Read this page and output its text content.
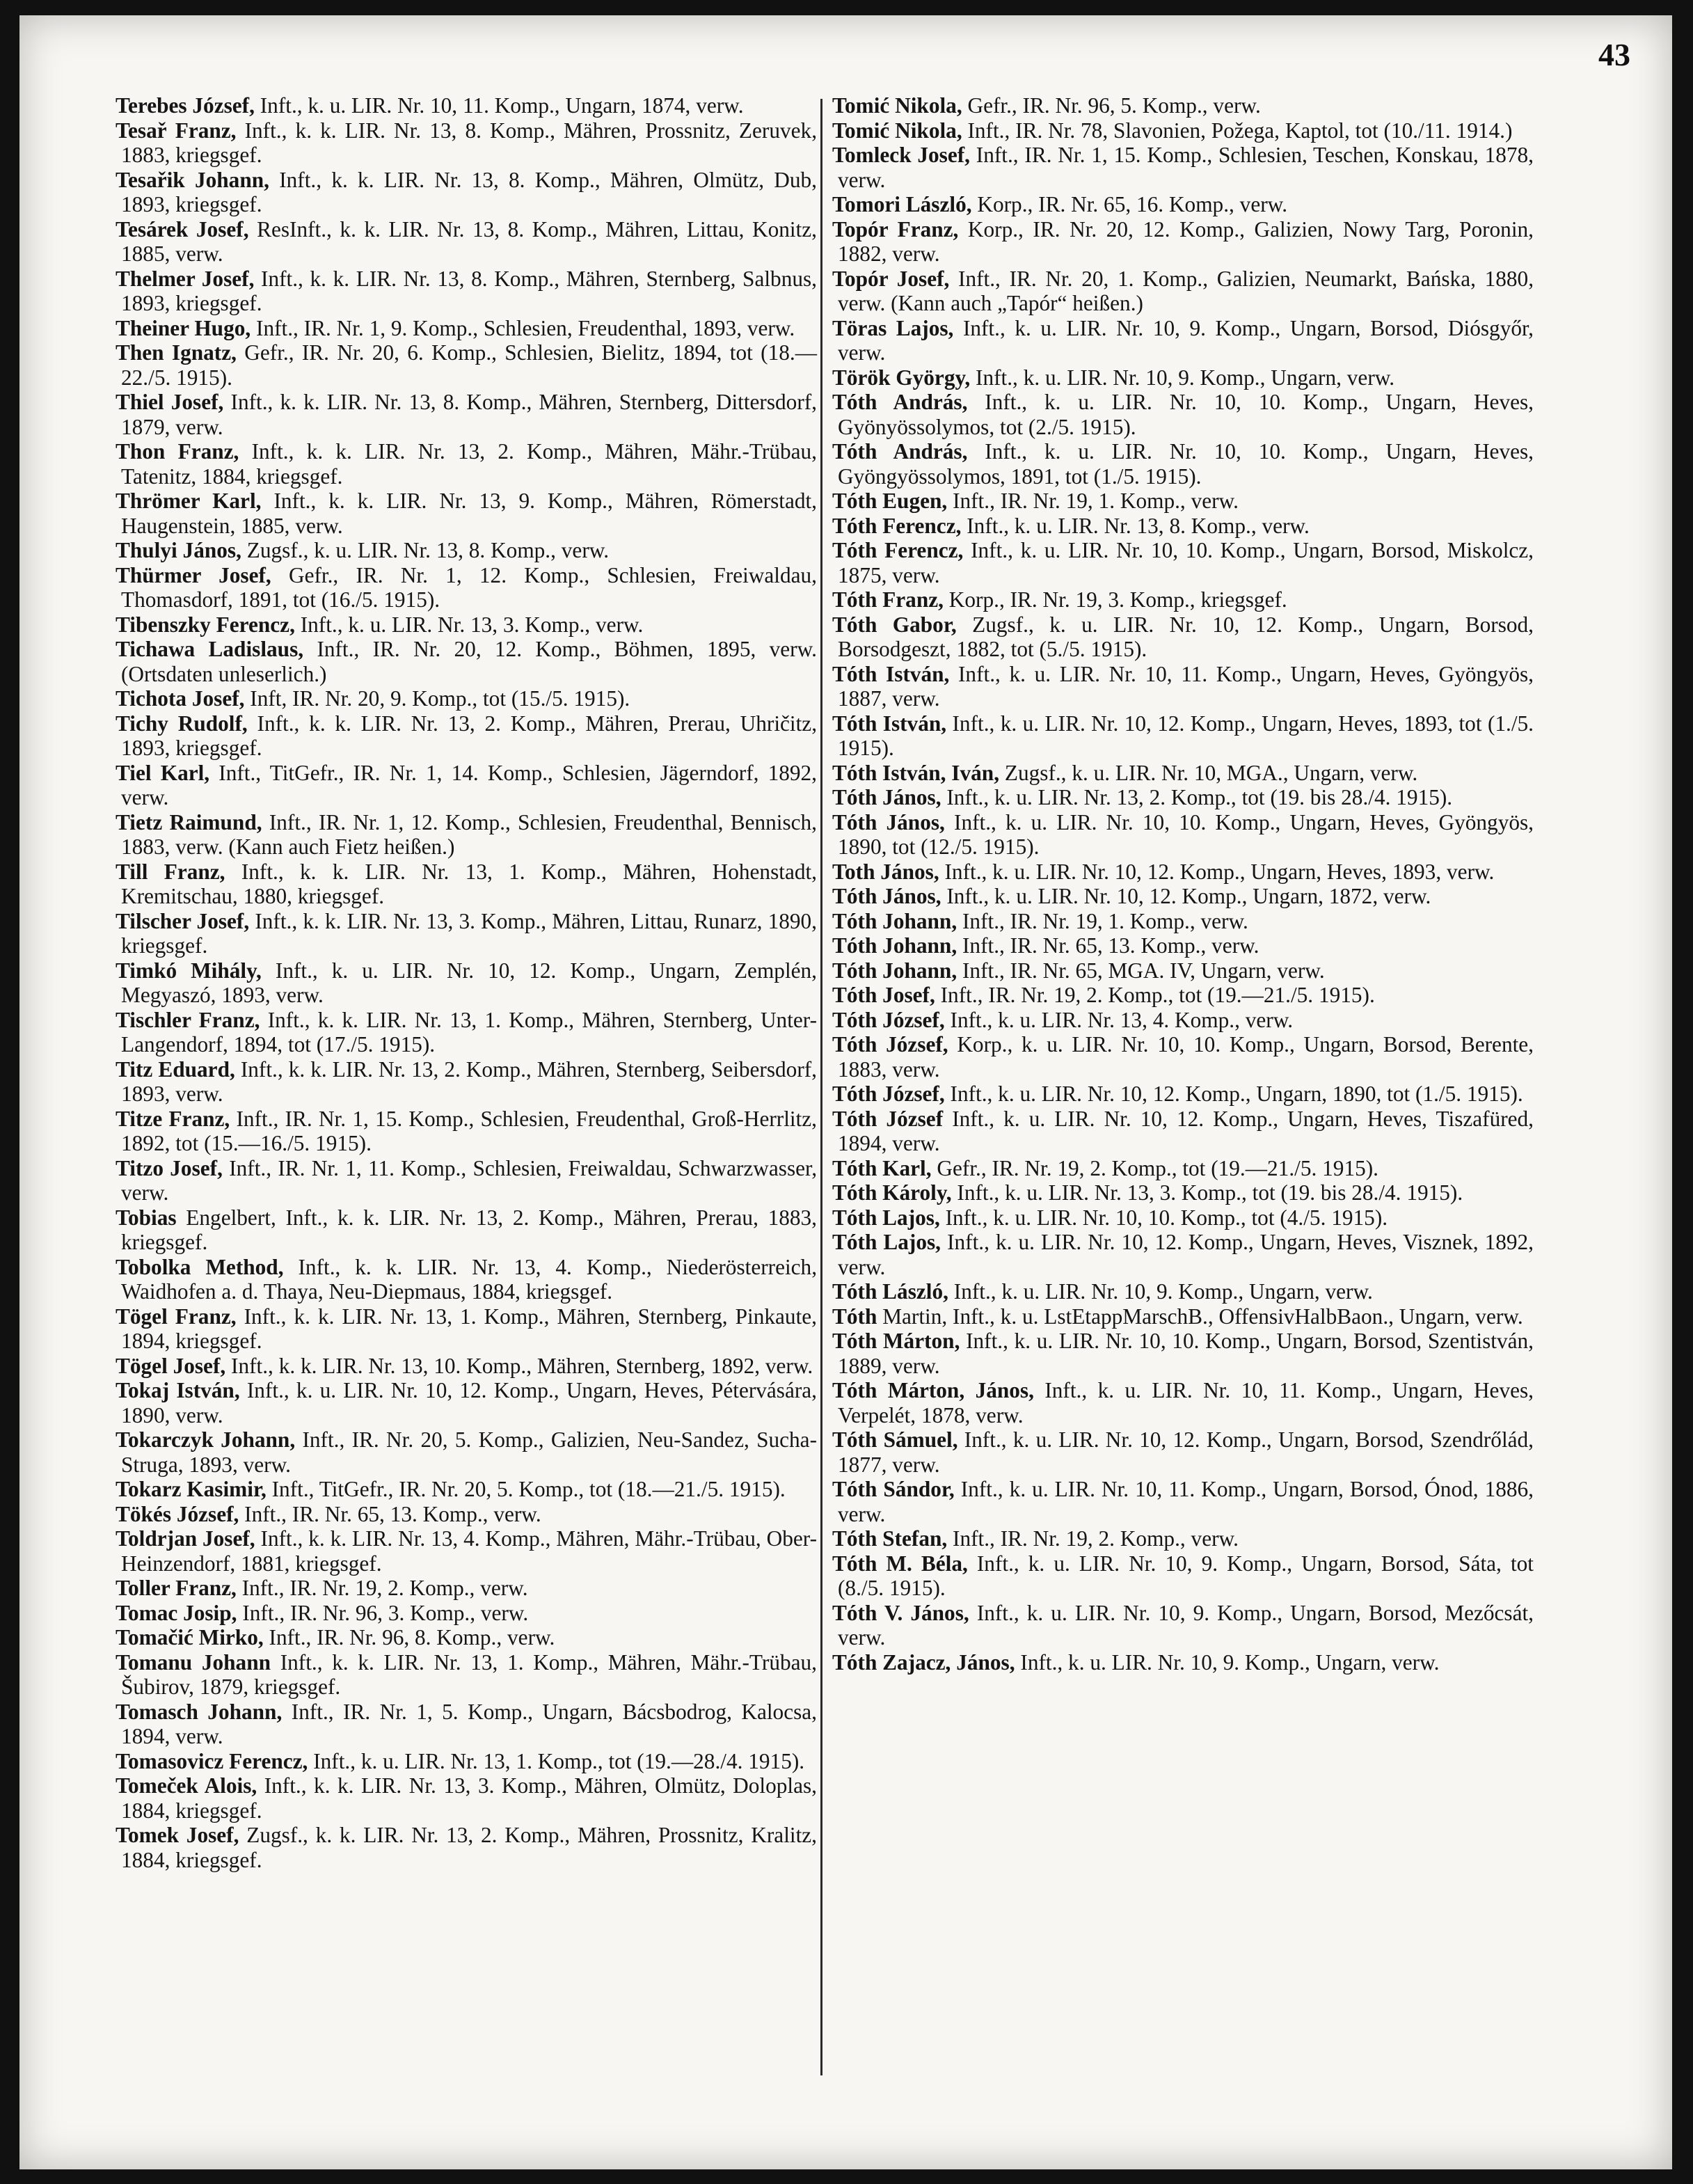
43
Terebes József, Inft., k. u. LIR. Nr. 10, 11. Komp., Ungarn, 1874, verw.
Tesař Franz, Inft., k. k. LIR. Nr. 13, 8. Komp., Mähren, Prossnitz, Zeruvek, 1883, kriegsgef.
Tesařik Johann, Inft., k. k. LIR. Nr. 13, 8. Komp., Mähren, Olmütz, Dub, 1893, kriegsgef.
Tesárek Josef, ResInft., k. k. LIR. Nr. 13, 8. Komp., Mähren, Littau, Konitz, 1885, verw.
Thelmer Josef, Inft., k. k. LIR. Nr. 13, 8. Komp., Mähren, Sternberg, Salbnus, 1893, kriegsgef.
Theiner Hugo, Inft., IR. Nr. 1, 9. Komp., Schlesien, Freudenthal, 1893, verw.
Then Ignatz, Gefr., IR. Nr. 20, 6. Komp., Schlesien, Bielitz, 1894, tot (18.—22./5. 1915).
Thiel Josef, Inft., k. k. LIR. Nr. 13, 8. Komp., Mähren, Sternberg, Dittersdorf, 1879, verw.
Thon Franz, Inft., k. k. LIR. Nr. 13, 2. Komp., Mähren, Mähr.-Trübau, Tatenitz, 1884, kriegsgef.
Thrömer Karl, Inft., k. k. LIR. Nr. 13, 9. Komp., Mähren, Römerstadt, Haugenstein, 1885, verw.
Thulyi János, Zugsf., k. u. LIR. Nr. 13, 8. Komp., verw.
Thürmer Josef, Gefr., IR. Nr. 1, 12. Komp., Schlesien, Freiwaldau, Thomasdorf, 1891, tot (16./5. 1915).
Tibenszky Ferencz, Inft., k. u. LIR. Nr. 13, 3. Komp., verw.
Tichawa Ladislaus, Inft., IR. Nr. 20, 12. Komp., Böhmen, 1895, verw. (Ortsdaten unleserlich.)
Tichota Josef, Inft, IR. Nr. 20, 9. Komp., tot (15./5. 1915).
Tichy Rudolf, Inft., k. k. LIR. Nr. 13, 2. Komp., Mähren, Prerau, Uhričitz, 1893, kriegsgef.
Tiel Karl, Inft., TitGefr., IR. Nr. 1, 14. Komp., Schlesien, Jägerndorf, 1892, verw.
Tietz Raimund, Inft., IR. Nr. 1, 12. Komp., Schlesien, Freudenthal, Bennisch, 1883, verw. (Kann auch Fietz heißen.)
Till Franz, Inft., k. k. LIR. Nr. 13, 1. Komp., Mähren, Hohenstadt, Kremitschau, 1880, kriegsgef.
Tilscher Josef, Inft., k. k. LIR. Nr. 13, 3. Komp., Mähren, Littau, Runarz, 1890, kriegsgef.
Timkó Mihály, Inft., k. u. LIR. Nr. 10, 12. Komp., Ungarn, Zemplén, Megyaszó, 1893, verw.
Tischler Franz, Inft., k. k. LIR. Nr. 13, 1. Komp., Mähren, Sternberg, Unter-Langendorf, 1894, tot (17./5. 1915).
Titz Eduard, Inft., k. k. LIR. Nr. 13, 2. Komp., Mähren, Sternberg, Seibersdorf, 1893, verw.
Titze Franz, Inft., IR. Nr. 1, 15. Komp., Schlesien, Freudenthal, Groß-Herrlitz, 1892, tot (15.—16./5. 1915).
Titzo Josef, Inft., IR. Nr. 1, 11. Komp., Schlesien, Freiwaldau, Schwarzwasser, verw.
Tobias Engelbert, Inft., k. k. LIR. Nr. 13, 2. Komp., Mähren, Prerau, 1883, kriegsgef.
Tobolka Method, Inft., k. k. LIR. Nr. 13, 4. Komp., Niederösterreich, Waidhofen a. d. Thaya, Neu-Diepmaus, 1884, kriegsgef.
Tögel Franz, Inft., k. k. LIR. Nr. 13, 1. Komp., Mähren, Sternberg, Pinkaute, 1894, kriegsgef.
Tögel Josef, Inft., k. k. LIR. Nr. 13, 10. Komp., Mähren, Sternberg, 1892, verw.
Tokaj István, Inft., k. u. LIR. Nr. 10, 12. Komp., Ungarn, Heves, Pétervására, 1890, verw.
Tokarczyk Johann, Inft., IR. Nr. 20, 5. Komp., Galizien, Neu-Sandez, Sucha-Struga, 1893, verw.
Tokarz Kasimir, Inft., TitGefr., IR. Nr. 20, 5. Komp., tot (18.—21./5. 1915).
Tökés József, Inft., IR. Nr. 65, 13. Komp., verw.
Toldrjan Josef, Inft., k. k. LIR. Nr. 13, 4. Komp., Mähren, Mähr.-Trübau, Ober-Heinzendorf, 1881, kriegsgef.
Toller Franz, Inft., IR. Nr. 19, 2. Komp., verw.
Tomac Josip, Inft., IR. Nr. 96, 3. Komp., verw.
Tomačić Mirko, Inft., IR. Nr. 96, 8. Komp., verw.
Tomanu Johann Inft., k. k. LIR. Nr. 13, 1. Komp., Mähren, Mähr.-Trübau, Šubirov, 1879, kriegsgef.
Tomasch Johann, Inft., IR. Nr. 1, 5. Komp., Ungarn, Bácsbodrog, Kalocsa, 1894, verw.
Tomasovicz Ferencz, Inft., k. u. LIR. Nr. 13, 1. Komp., tot (19.—28./4. 1915).
Tomeček Alois, Inft., k. k. LIR. Nr. 13, 3. Komp., Mähren, Olmütz, Doloplas, 1884, kriegsgef.
Tomek Josef, Zugsf., k. k. LIR. Nr. 13, 2. Komp., Mähren, Prossnitz, Kralitz, 1884, kriegsgef.
Tomić Nikola, Gefr., IR. Nr. 96, 5. Komp., verw.
Tomić Nikola, Inft., IR. Nr. 78, Slavonien, Požega, Kaptol, tot (10./11. 1914.)
Tomleck Josef, Inft., IR. Nr. 1, 15. Komp., Schlesien, Teschen, Konskau, 1878, verw.
Tomori László, Korp., IR. Nr. 65, 16. Komp., verw.
Topór Franz, Korp., IR. Nr. 20, 12. Komp., Galizien, Nowy Targ, Poronin, 1882, verw.
Topór Josef, Inft., IR. Nr. 20, 1. Komp., Galizien, Neumarkt, Bańska, 1880, verw. (Kann auch „Tapór“ heißen.)
Töras Lajos, Inft., k. u. LIR. Nr. 10, 9. Komp., Ungarn, Borsod, Diósgyőr, verw.
Török György, Inft., k. u. LIR. Nr. 10, 9. Komp., Ungarn, verw.
Tóth András, Inft., k. u. LIR. Nr. 10, 10. Komp., Ungarn, Heves, Gyönyössolymos, tot (2./5. 1915).
Tóth András, Inft., k. u. LIR. Nr. 10, 10. Komp., Ungarn, Heves, Gyöngyössolymos, 1891, tot (1./5. 1915).
Tóth Eugen, Inft., IR. Nr. 19, 1. Komp., verw.
Tóth Ferencz, Inft., k. u. LIR. Nr. 13, 8. Komp., verw.
Tóth Ferencz, Inft., k. u. LIR. Nr. 10, 10. Komp., Ungarn, Borsod, Miskolcz, 1875, verw.
Tóth Franz, Korp., IR. Nr. 19, 3. Komp., kriegsgef.
Tóth Gabor, Zugsf., k. u. LIR. Nr. 10, 12. Komp., Ungarn, Borsod, Borsodgeszt, 1882, tot (5./5. 1915).
Tóth István, Inft., k. u. LIR. Nr. 10, 11. Komp., Ungarn, Heves, Gyöngyös, 1887, verw.
Tóth István, Inft., k. u. LIR. Nr. 10, 12. Komp., Ungarn, Heves, 1893, tot (1./5. 1915).
Tóth István, Iván, Zugsf., k. u. LIR. Nr. 10, MGA., Ungarn, verw.
Tóth János, Inft., k. u. LIR. Nr. 13, 2. Komp., tot (19. bis 28./4. 1915).
Tóth János, Inft., k. u. LIR. Nr. 10, 10. Komp., Ungarn, Heves, Gyöngyös, 1890, tot (12./5. 1915).
Toth János, Inft., k. u. LIR. Nr. 10, 12. Komp., Ungarn, Heves, 1893, verw.
Tóth János, Inft., k. u. LIR. Nr. 10, 12. Komp., Ungarn, 1872, verw.
Tóth Johann, Inft., IR. Nr. 19, 1. Komp., verw.
Tóth Johann, Inft., IR. Nr. 65, 13. Komp., verw.
Tóth Johann, Inft., IR. Nr. 65, MGA. IV, Ungarn, verw.
Tóth Josef, Inft., IR. Nr. 19, 2. Komp., tot (19.—21./5. 1915).
Tóth József, Inft., k. u. LIR. Nr. 13, 4. Komp., verw.
Tóth József, Korp., k. u. LIR. Nr. 10, 10. Komp., Ungarn, Borsod, Berente, 1883, verw.
Tóth József, Inft., k. u. LIR. Nr. 10, 12. Komp., Ungarn, 1890, tot (1./5. 1915).
Tóth József Inft., k. u. LIR. Nr. 10, 12. Komp., Ungarn, Heves, Tiszafüred, 1894, verw.
Tóth Karl, Gefr., IR. Nr. 19, 2. Komp., tot (19.—21./5. 1915).
Tóth Károly, Inft., k. u. LIR. Nr. 13, 3. Komp., tot (19. bis 28./4. 1915).
Tóth Lajos, Inft., k. u. LIR. Nr. 10, 10. Komp., tot (4./5. 1915).
Tóth Lajos, Inft., k. u. LIR. Nr. 10, 12. Komp., Ungarn, Heves, Visznek, 1892, verw.
Tóth László, Inft., k. u. LIR. Nr. 10, 9. Komp., Ungarn, verw.
Tóth Martin, Inft., k. u. LstEtappMarschB., OffensivHalbBaon., Ungarn, verw.
Tóth Márton, Inft., k. u. LIR. Nr. 10, 10. Komp., Ungarn, Borsod, Szentistván, 1889, verw.
Tóth Márton, János, Inft., k. u. LIR. Nr. 10, 11. Komp., Ungarn, Heves, Verpelét, 1878, verw.
Tóth Sámuel, Inft., k. u. LIR. Nr. 10, 12. Komp., Ungarn, Borsod, Szendrőlád, 1877, verw.
Tóth Sándor, Inft., k. u. LIR. Nr. 10, 11. Komp., Ungarn, Borsod, Ónod, 1886, verw.
Tóth Stefan, Inft., IR. Nr. 19, 2. Komp., verw.
Tóth M. Béla, Inft., k. u. LIR. Nr. 10, 9. Komp., Ungarn, Borsod, Sáta, tot (8./5. 1915).
Tóth V. János, Inft., k. u. LIR. Nr. 10, 9. Komp., Ungarn, Borsod, Mezőcsát, verw.
Tóth Zajacz, János, Inft., k. u. LIR. Nr. 10, 9. Komp., Ungarn, verw.
